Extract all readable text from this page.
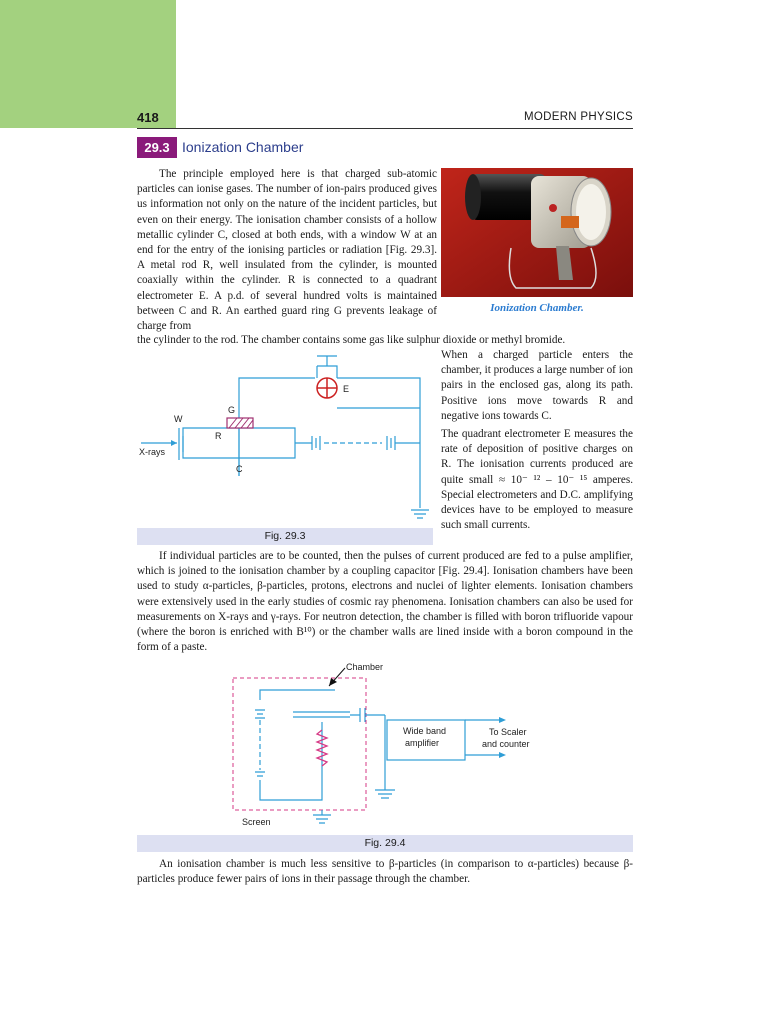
418	MODERN PHYSICS
29.3 Ionization Chamber

The principle employed here is that charged sub-atomic particles can ionise gases. The number of ion-pairs produced gives us information not only on the nature of the incident particles, but even on their energy. The ionisation chamber consists of a hollow metallic cylinder C, closed at both ends, with a window W at an end for the entry of the ionising particles or radiation [Fig. 29.3]. A metal rod R, well insulated from the cylinder, is mounted coaxially within the cylinder. R is connected to a quadrant electrometer E. A p.d. of several hundred volts is maintained between C and R. An earthed guard ring G prevents leakage of charge from

Ionization Chamber.

the cylinder to the rod. The chamber contains some gas like sulphur dioxide or methyl bromide.

E
G
W
R
C
X-rays
Fig. 29.3

When a charged particle enters the chamber, it produces a large number of ion pairs in the enclosed gas, along its path. Positive ions move towards R and negative ions towards C.

The quadrant electrometer E measures the rate of deposition of positive charges on R. The ionisation currents produced are quite small ≈ 10⁻ ¹² – 10⁻ ¹⁵ amperes. Special electrometers and D.C. amplifying devices have to be employed to measure such small currents.

If individual particles are to be counted, then the pulses of current produced are fed to a pulse amplifier, which is joined to the ionisation chamber by a coupling capacitor [Fig. 29.4]. Ionisation chambers have been used to study α-particles, β-particles, protons, electrons and nuclei of lighter elements. Ionisation chambers were extensively used in the early studies of cosmic ray phenomena. Ionisation chambers can also be used for measurements on X-rays and γ-rays. For neutron detection, the chamber is filled with boron trifluoride vapour (where the boron is enriched with B¹⁰) or the chamber walls are lined inside with a boron compound in the form of a paste.

Chamber
Wide band
amplifier
To Scaler
and counter
Screen
Fig. 29.4

An ionisation chamber is much less sensitive to β-particles (in comparison to α-particles) because β-particles produce fewer pairs of ions in their passage through the chamber.
